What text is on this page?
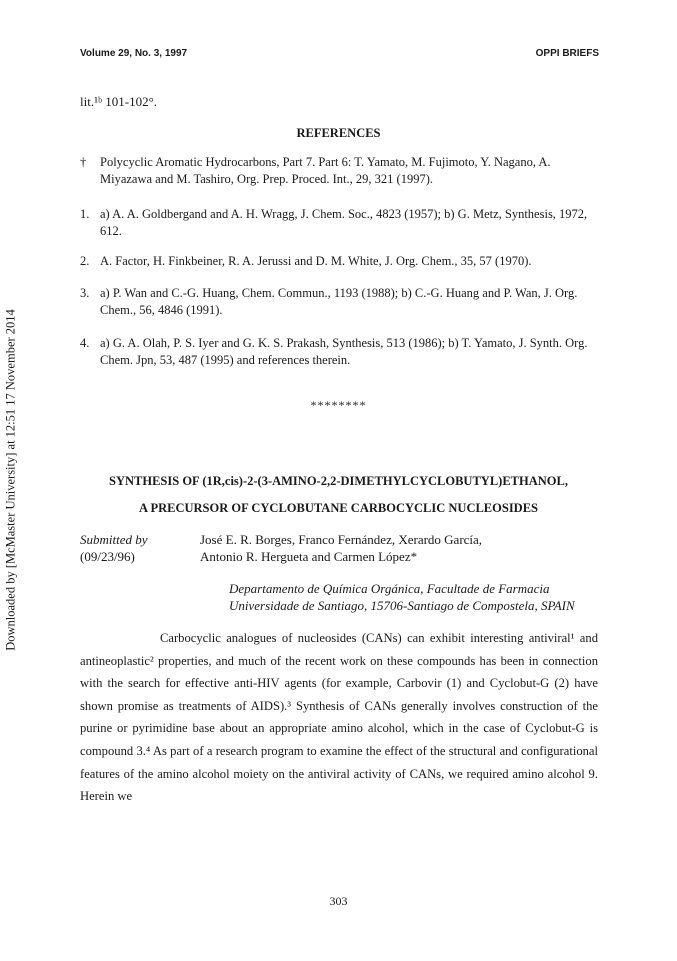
Downloaded by [McMaster University] at 12:51 17 November 2014
Volume 29, No. 3, 1997	OPPI BRIEFS
lit.¹ᵇ 101-102°.
REFERENCES
†	Polycyclic Aromatic Hydrocarbons, Part 7. Part 6: T. Yamato, M. Fujimoto, Y. Nagano, A. Miyazawa and M. Tashiro, Org. Prep. Proced. Int., 29, 321 (1997).
1. a) A. A. Goldbergand and A. H. Wragg, J. Chem. Soc., 4823 (1957); b) G. Metz, Synthesis, 1972, 612.
2. A. Factor, H. Finkbeiner, R. A. Jerussi and D. M. White, J. Org. Chem., 35, 57 (1970).
3. a) P. Wan and C.-G. Huang, Chem. Commun., 1193 (1988); b) C.-G. Huang and P. Wan, J. Org. Chem., 56, 4846 (1991).
4. a) G. A. Olah, P. S. Iyer and G. K. S. Prakash, Synthesis, 513 (1986); b) T. Yamato, J. Synth. Org. Chem. Jpn, 53, 487 (1995) and references therein.
********
SYNTHESIS OF (1R,cis)-2-(3-AMINO-2,2-DIMETHYLCYCLOBUTYL)ETHANOL,
A PRECURSOR OF CYCLOBUTANE CARBOCYCLIC NUCLEOSIDES
Submitted by
(09/23/96)
José E. R. Borges, Franco Fernández, Xerardo García,
Antonio R. Hergueta and Carmen López*
Departamento de Química Orgánica, Facultade de Farmacia
Universidade de Santiago, 15706-Santiago de Compostela, SPAIN

Carbocyclic analogues of nucleosides (CANs) can exhibit interesting antiviral¹ and antineoplastic² properties, and much of the recent work on these compounds has been in connection with the search for effective anti-HIV agents (for example, Carbovir (1) and Cyclobut-G (2) have shown promise as treatments of AIDS).³ Synthesis of CANs generally involves construction of the purine or pyrimidine base about an appropriate amino alcohol, which in the case of Cyclobut-G is compound 3.⁴ As part of a research program to examine the effect of the structural and configurational features of the amino alcohol moiety on the antiviral activity of CANs, we required amino alcohol 9. Herein we

303
